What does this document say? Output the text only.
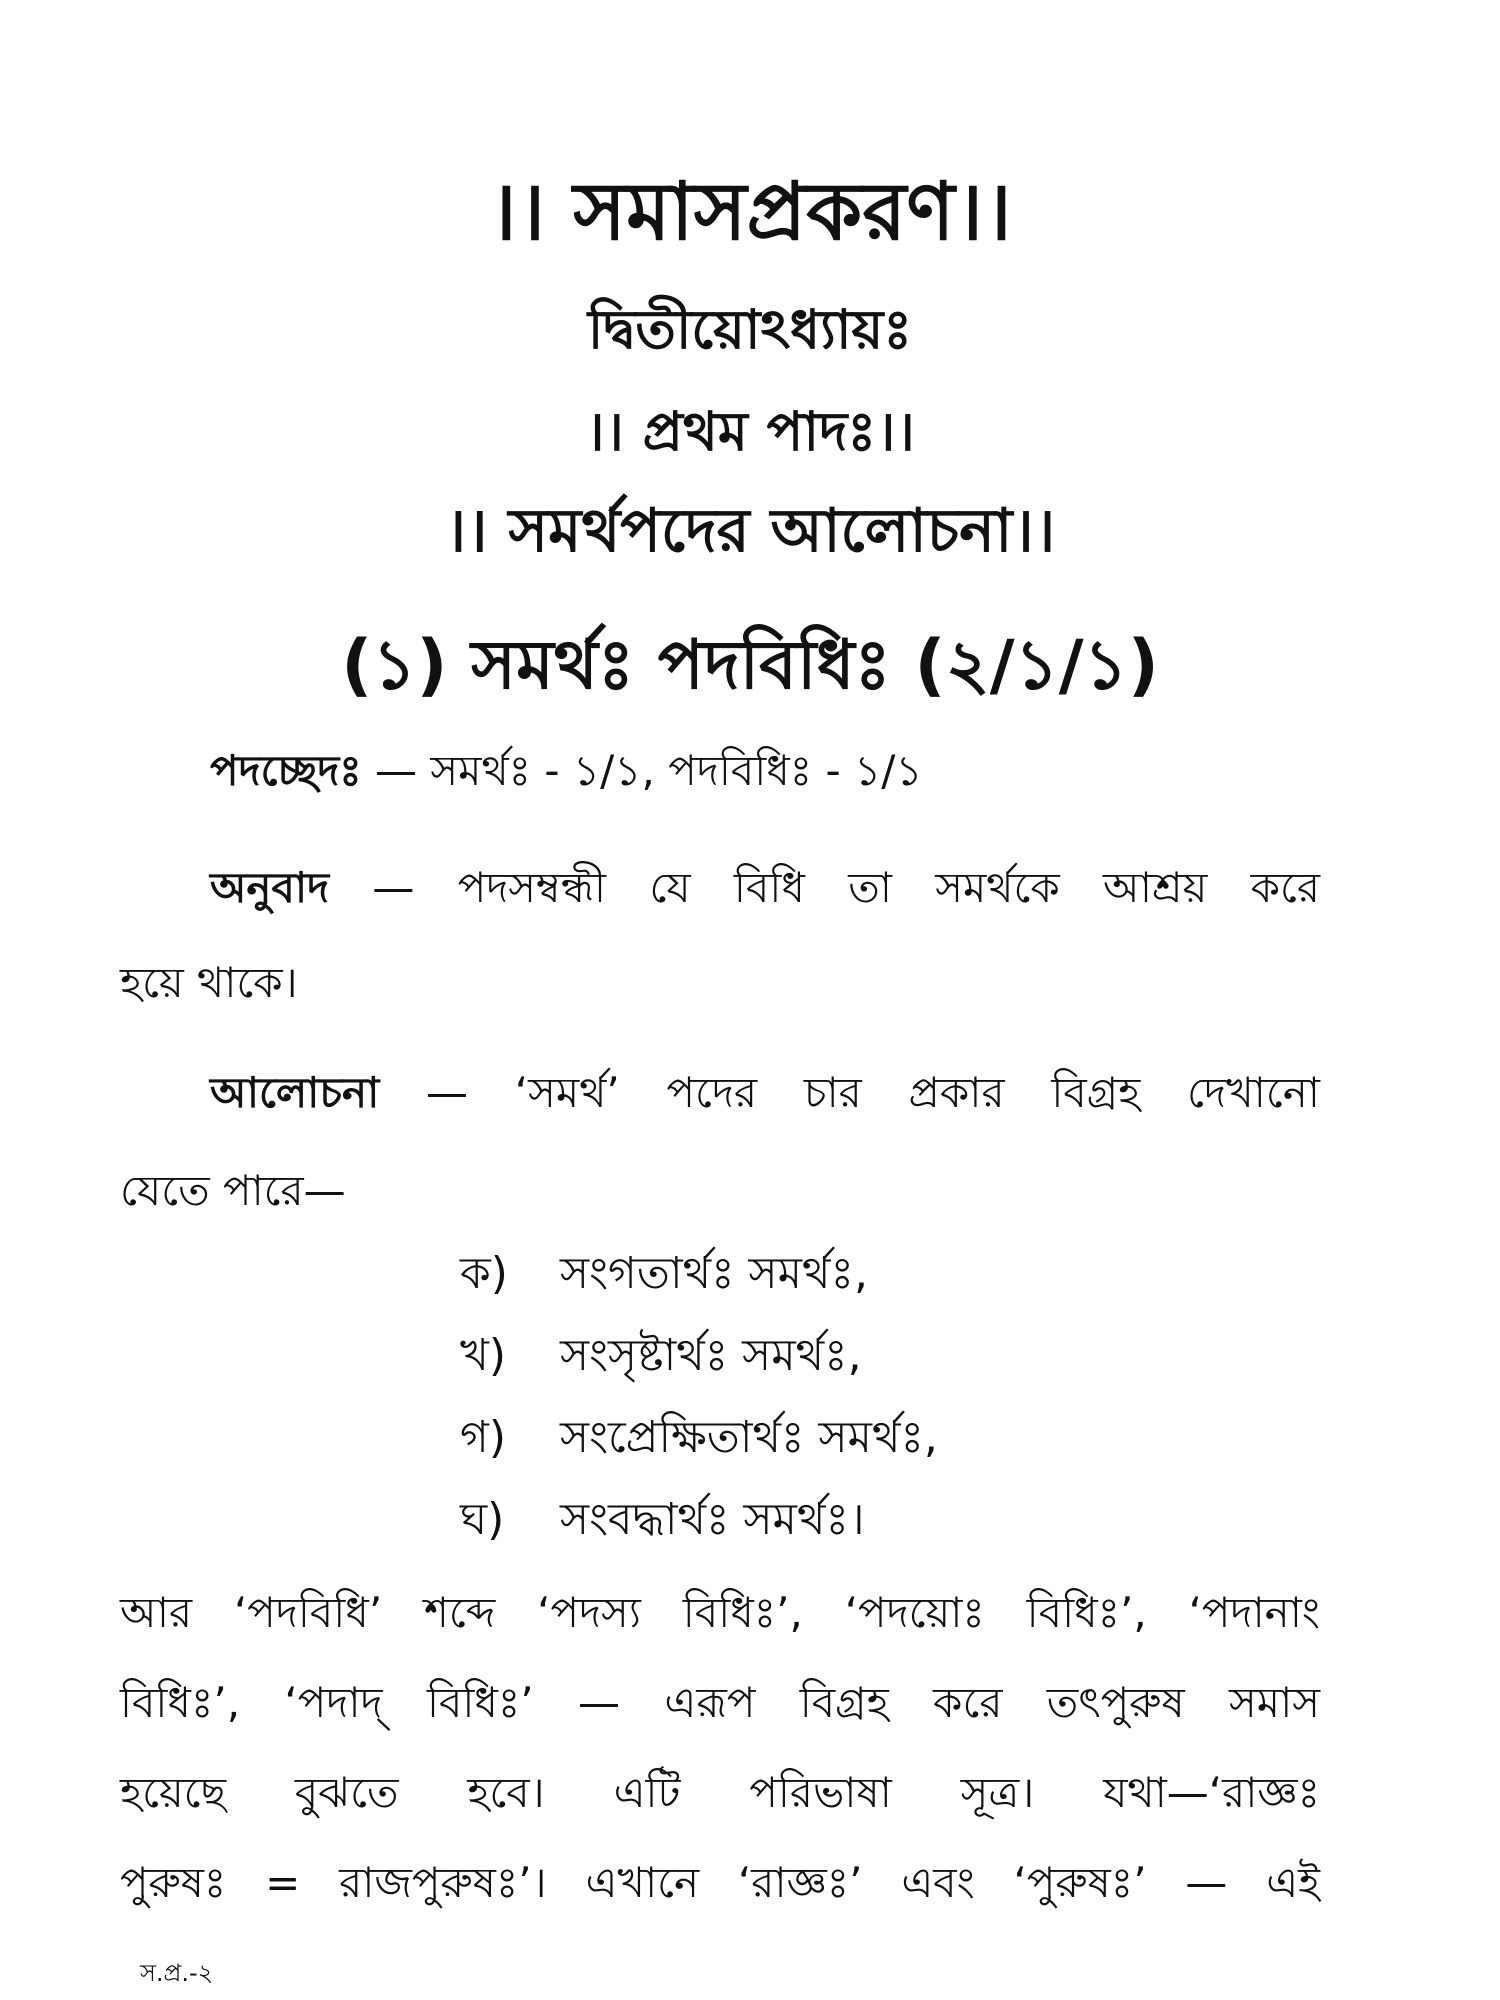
।। সমাসপ্রকরণ।।
দ্বিতীয়োঽধ্যায়ঃ
।। প্রথম পাদঃ।।
।। সমর্থপদের আলোচনা।।
(১) সমর্থঃ পদবিধিঃ (২/১/১)
পদচ্ছেদঃ — সমর্থঃ - ১/১, পদবিধিঃ - ১/১
অনুবাদ — পদসম্বন্ধী যে বিধি তা সমর্থকে আশ্রয় করে
হয়ে থাকে।
আলোচনা — ‘সমর্থ’ পদের চার প্রকার বিগ্রহ দেখানো
যেতে পারে—
ক) সংগতার্থঃ সমর্থঃ,
খ) সংসৃষ্টার্থঃ সমর্থঃ,
গ) সংপ্রেক্ষিতার্থঃ সমর্থঃ,
ঘ) সংবদ্ধার্থঃ সমর্থঃ।
আর ‘পদবিধি’ শব্দে ‘পদস্য বিধিঃ’, ‘পদয়োঃ বিধিঃ’, ‘পদানাং
বিধিঃ’, ‘পদাদ্ বিধিঃ’ — এরূপ বিগ্রহ করে তৎপুরুষ সমাস
হয়েছে বুঝতে হবে। এটি পরিভাষা সূত্র। যথা—‘রাজ্ঞঃ
পুরুষঃ = রাজপুরুষঃ’। এখানে ‘রাজ্ঞঃ’ এবং ‘পুরুষঃ’ — এই
স.প্র.-২
